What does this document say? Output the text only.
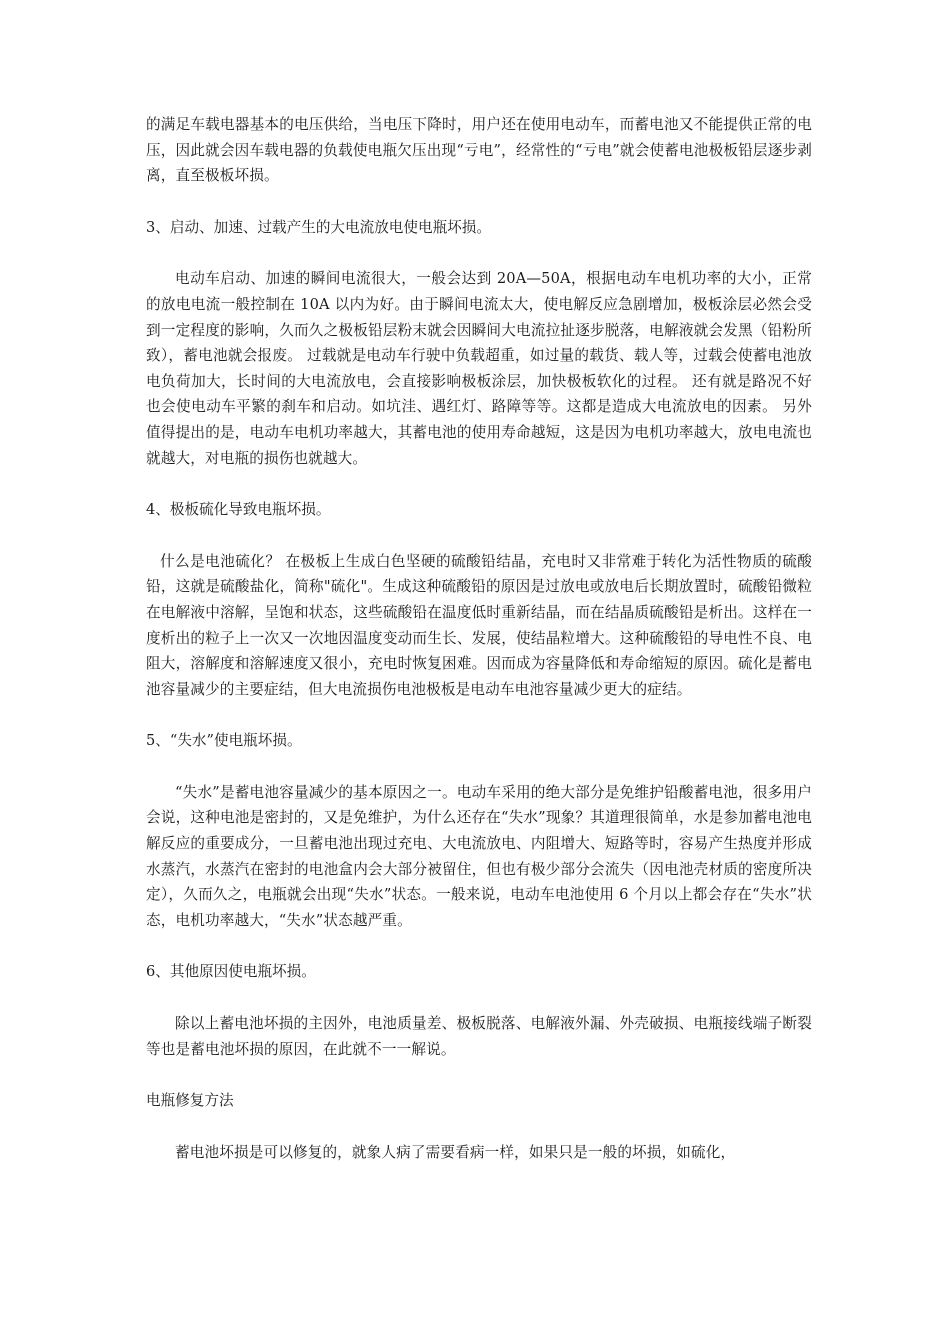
的满足车载电器基本的电压供给，当电压下降时，用户还在使用电动车，而蓄电池又不能提供正常的电压，因此就会因车载电器的负载使电瓶欠压出现“亏电”，经常性的“亏电”就会使蓄电池极板铅层逐步剥离，直至极板坏损。

3、启动、加速、过载产生的大电流放电使电瓶坏损。

电动车启动、加速的瞬间电流很大，一般会达到 20A—50A，根据电动车电机功率的大小，正常的放电电流一般控制在 10A 以内为好。由于瞬间电流太大，使电解反应急剧增加，极板涂层必然会受到一定程度的影响，久而久之极板铅层粉末就会因瞬间大电流拉扯逐步脱落，电解液就会发黑（铅粉所致），蓄电池就会报废。 过载就是电动车行驶中负载超重，如过量的载货、载人等，过载会使蓄电池放电负荷加大，长时间的大电流放电，会直接影响极板涂层，加快极板软化的过程。 还有就是路况不好也会使电动车平繁的刹车和启动。如坑洼、遇红灯、路障等等。这都是造成大电流放电的因素。 另外值得提出的是，电动车电机功率越大，其蓄电池的使用寿命越短，这是因为电机功率越大，放电电流也就越大，对电瓶的损伤也就越大。

4、极板硫化导致电瓶坏损。

什么是电池硫化？ 在极板上生成白色坚硬的硫酸铅结晶，充电时又非常难于转化为活性物质的硫酸铅，这就是硫酸盐化，简称"硫化"。生成这种硫酸铅的原因是过放电或放电后长期放置时，硫酸铅微粒在电解液中溶解，呈饱和状态，这些硫酸铅在温度低时重新结晶，而在结晶质硫酸铅是析出。这样在一度析出的粒子上一次又一次地因温度变动而生长、发展，使结晶粒增大。这种硫酸铅的导电性不良、电阻大，溶解度和溶解速度又很小，充电时恢复困难。因而成为容量降低和寿命缩短的原因。硫化是蓄电池容量减少的主要症结，但大电流损伤电池极板是电动车电池容量减少更大的症结。

5、“失水”使电瓶坏损。

“失水”是蓄电池容量减少的基本原因之一。电动车采用的绝大部分是免维护铅酸蓄电池，很多用户会说，这种电池是密封的，又是免维护，为什么还存在“失水”现象？其道理很简单，水是参加蓄电池电解反应的重要成分，一旦蓄电池出现过充电、大电流放电、内阻增大、短路等时，容易产生热度并形成水蒸汽，水蒸汽在密封的电池盒内会大部分被留住，但也有极少部分会流失（因电池壳材质的密度所决定），久而久之，电瓶就会出现“失水”状态。一般来说，电动车电池使用 6 个月以上都会存在“失水”状态，电机功率越大，“失水”状态越严重。

6、其他原因使电瓶坏损。

除以上蓄电池坏损的主因外，电池质量差、极板脱落、电解液外漏、外壳破损、电瓶接线端子断裂等也是蓄电池坏损的原因，在此就不一一解说。

电瓶修复方法

蓄电池坏损是可以修复的，就象人病了需要看病一样，如果只是一般的坏损，如硫化，
